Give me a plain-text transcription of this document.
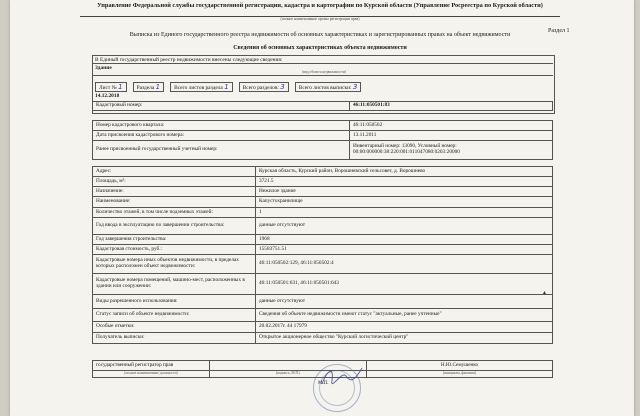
Управление Федеральной службы государственной регистрации, кадастра и картографии по Курской области (Управление Росреестра по Курской области)
(полное наименование органа регистрации прав)
Раздел 1
Выписка из Единого государственного реестра недвижимости об основных характеристиках и зарегистрированных правах на объект недвижимости
Сведения об основных характеристиках объекта недвижимости
В Единый государственный реестр недвижимости внесены следующие сведения:
Здание
(вид объекта недвижимости)
Лист № 1	Раздела 1	Всего листов раздела 1	Всего разделов: 3	Всего листов выписки: 3
14.12.2018
Кадастровый номер:	46:11:050501:83
Номер кадастрового квартала:	46:11:050502
Дата присвоения кадастрового номера:	13.11.2011
Ранее присвоенный государственный учетный номер:	Инвентарный номер: 13090, Условный номер: 00:00:000000:38:220:001:011047080:0203:20000
Адрес:	Курская область, Курский район, Ворошневский сельсовет, д. Ворошнево
Площадь, м²:	3721.5
Назначение:	Нежилое здание
Наименование:	Капустохранилище
Количество этажей, в том числе подземных этажей:	1
Год ввода в эксплуатацию по завершении строительства:	данные отсутствуют
Год завершения строительства:	1968
Кадастровая стоимость, руб.:	15583751.51
Кадастровые номера иных объектов недвижимости, в пределах которых расположен объект недвижимости:	46:11:050502:129, 46:11:050502:4
Кадастровые номера помещений, машино-мест, расположенных в здании или сооружении:	46:11:050501:631, 46:11:050501:643
Виды разрешенного использования:	данные отсутствуют
Статус записи об объекте недвижимости:	Сведения об объекте недвижимости имеют статус "актуальные, ранее учтенные"
Особые отметки:	20.02.2017г. 44 17979
Получатель выписки:	Открытое акционерное общество "Курский логистический центр"
▴
государственный регистратор прав		Н.Ю.Семушенко
(полное наименование должности)	(подпись, М.П.)	(инициалы, фамилия)
М.П.
